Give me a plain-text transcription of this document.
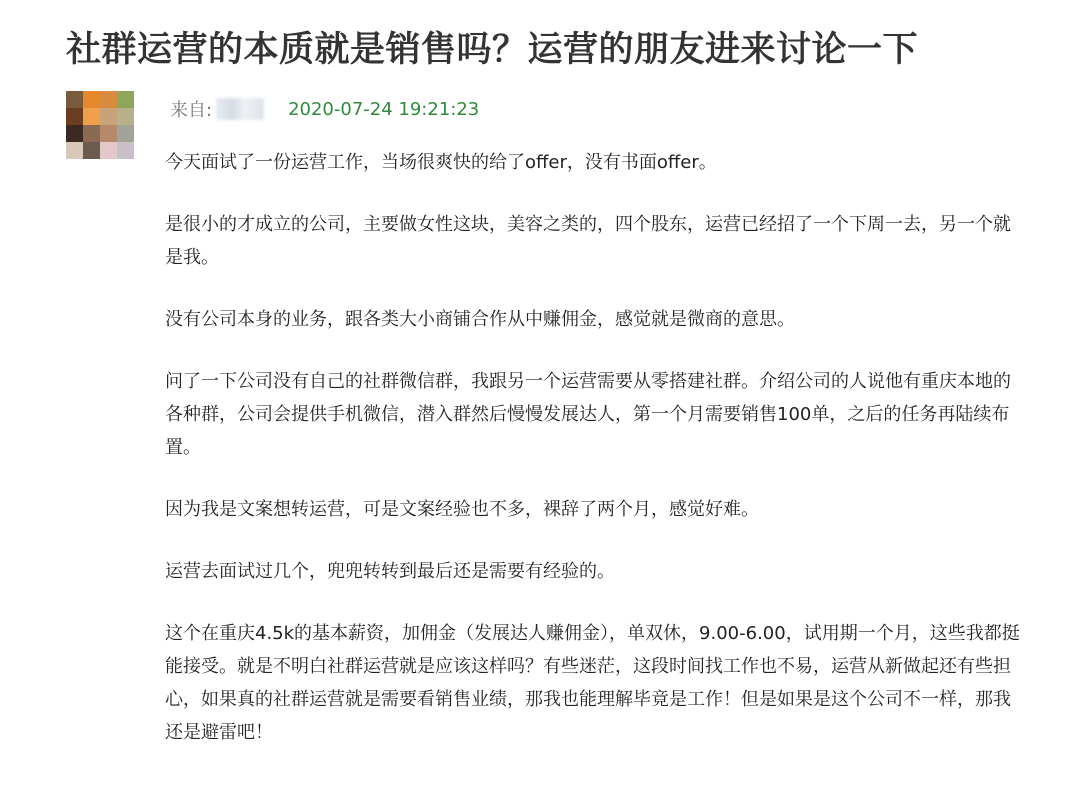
社群运营的本质就是销售吗？运营的朋友进来讨论一下
来自:	2020-07-24 19:21:23

今天面试了一份运营工作，当场很爽快的给了offer，没有书面offer。

是很小的才成立的公司，主要做女性这块，美容之类的，四个股东，运营已经招了一个下周一去，另一个就是我。

没有公司本身的业务，跟各类大小商铺合作从中赚佣金，感觉就是微商的意思。

问了一下公司没有自己的社群微信群，我跟另一个运营需要从零搭建社群。介绍公司的人说他有重庆本地的各种群，公司会提供手机微信，潜入群然后慢慢发展达人，第一个月需要销售100单，之后的任务再陆续布置。

因为我是文案想转运营，可是文案经验也不多，裸辞了两个月，感觉好难。

运营去面试过几个，兜兜转转到最后还是需要有经验的。

这个在重庆4.5k的基本薪资，加佣金（发展达人赚佣金），单双休，9.00-6.00，试用期一个月，这些我都挺能接受。就是不明白社群运营就是应该这样吗？有些迷茫，这段时间找工作也不易，运营从新做起还有些担心，如果真的社群运营就是需要看销售业绩，那我也能理解毕竟是工作！但是如果是这个公司不一样，那我还是避雷吧！
